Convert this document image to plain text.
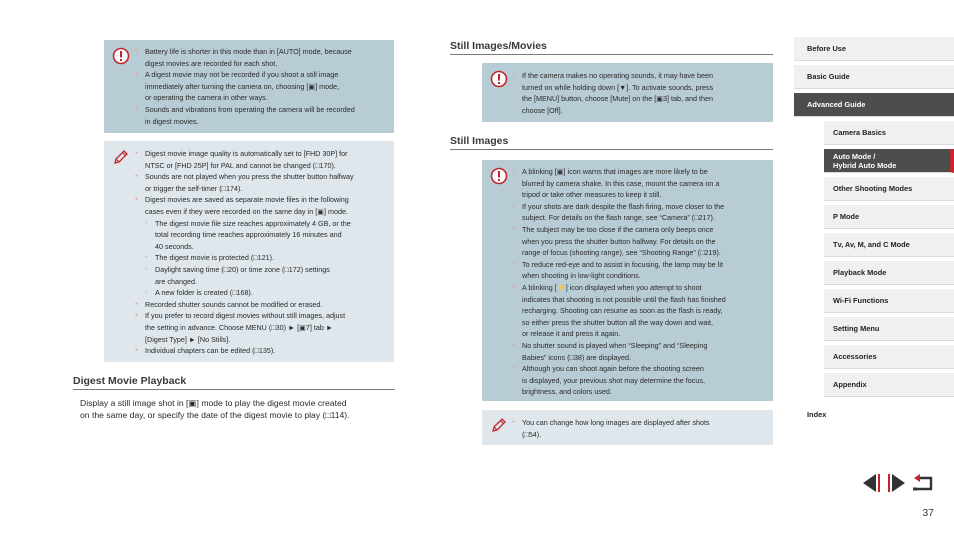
● Battery life is shorter in this mode than in [AUTO] mode, because
digest movies are recorded for each shot.
● A digest movie may not be recorded if you shoot a still image
immediately after turning the camera on, choosing [▣] mode,
or operating the camera in other ways.
● Sounds and vibrations from operating the camera will be recorded
in digest movies.
● Digest movie image quality is automatically set to [FHD 30P] for
NTSC or [FHD 25P] for PAL and cannot be changed (□170).
● Sounds are not played when you press the shutter button halfway
or trigger the self-timer (□174).
● Digest movies are saved as separate movie files in the following
cases even if they were recorded on the same day in [▣] mode.
- The digest movie file size reaches approximately 4 GB, or the
total recording time reaches approximately 16 minutes and
40 seconds.
- The digest movie is protected (□121).
- Daylight saving time (□20) or time zone (□172) settings
are changed.
- A new folder is created (□168).
● Recorded shutter sounds cannot be modified or erased.
● If you prefer to record digest movies without still images, adjust
the setting in advance. Choose MENU (□30) ► [▣7] tab ►
[Digest Type] ► [No Stills].
● Individual chapters can be edited (□135).
Digest Movie Playback
Display a still image shot in [▣] mode to play the digest movie created
on the same day, or specify the date of the digest movie to play (□114).
Still Images/Movies
● If the camera makes no operating sounds, it may have been
turned on while holding down [▼]. To activate sounds, press
the [MENU] button, choose [Mute] on the [▣3] tab, and then
choose [Off].
Still Images
● A blinking [▣] icon warns that images are more likely to be
blurred by camera shake. In this case, mount the camera on a
tripod or take other measures to keep it still.
● If your shots are dark despite the flash firing, move closer to the
subject. For details on the flash range, see “Camera” (□217).
● The subject may be too close if the camera only beeps once
when you press the shutter button halfway. For details on the
range of focus (shooting range), see “Shooting Range” (□219).
● To reduce red-eye and to assist in focusing, the lamp may be lit
when shooting in low-light conditions.
● A blinking [⚡] icon displayed when you attempt to shoot
indicates that shooting is not possible until the flash has finished
recharging. Shooting can resume as soon as the flash is ready,
so either press the shutter button all the way down and wait,
or release it and press it again.
● No shutter sound is played when “Sleeping” and “Sleeping
Babies” icons (□38) are displayed.
● Although you can shoot again before the shooting screen
is displayed, your previous shot may determine the focus,
brightness, and colors used.
● You can change how long images are displayed after shots
(□54).
Before Use
Basic Guide
Advanced Guide
Camera Basics
Auto Mode /
Hybrid Auto Mode
Other Shooting Modes
P Mode
Tv, Av, M, and C Mode
Playback Mode
Wi-Fi Functions
Setting Menu
Accessories
Appendix
Index
37
